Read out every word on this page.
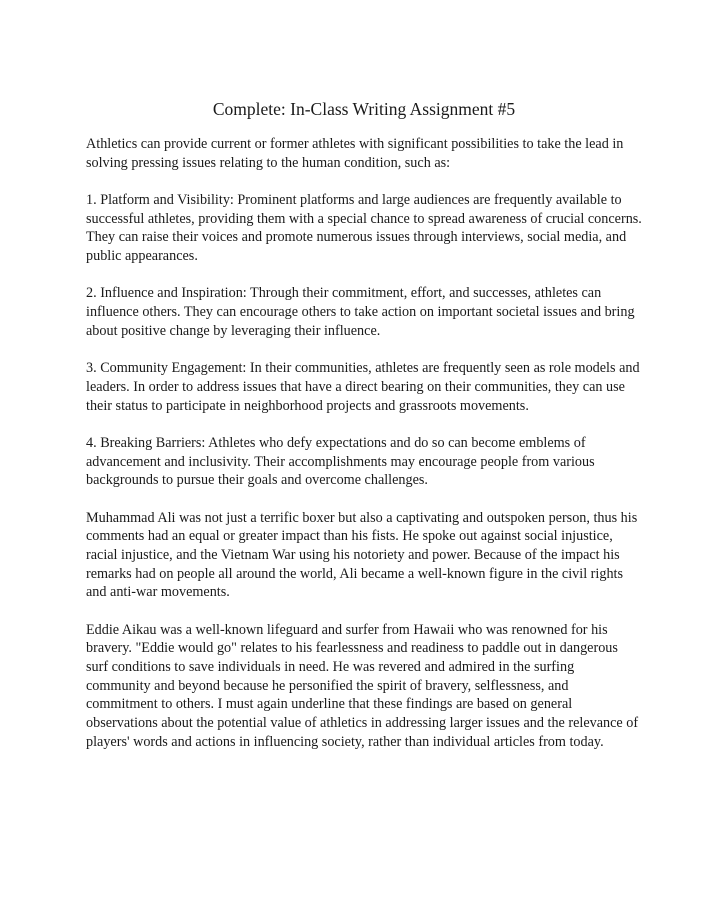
Complete: In-Class Writing Assignment #5

Athletics can provide current or former athletes with significant possibilities to take the lead in solving pressing issues relating to the human condition, such as:

1. Platform and Visibility: Prominent platforms and large audiences are frequently available to successful athletes, providing them with a special chance to spread awareness of crucial concerns. They can raise their voices and promote numerous issues through interviews, social media, and public appearances.

2. Influence and Inspiration: Through their commitment, effort, and successes, athletes can influence others. They can encourage others to take action on important societal issues and bring about positive change by leveraging their influence.

3. Community Engagement: In their communities, athletes are frequently seen as role models and leaders. In order to address issues that have a direct bearing on their communities, they can use their status to participate in neighborhood projects and grassroots movements.

4. Breaking Barriers: Athletes who defy expectations and do so can become emblems of advancement and inclusivity. Their accomplishments may encourage people from various backgrounds to pursue their goals and overcome challenges.

Muhammad Ali was not just a terrific boxer but also a captivating and outspoken person, thus his comments had an equal or greater impact than his fists. He spoke out against social injustice, racial injustice, and the Vietnam War using his notoriety and power. Because of the impact his remarks had on people all around the world, Ali became a well-known figure in the civil rights and anti-war movements.

Eddie Aikau was a well-known lifeguard and surfer from Hawaii who was renowned for his bravery. "Eddie would go" relates to his fearlessness and readiness to paddle out in dangerous surf conditions to save individuals in need. He was revered and admired in the surfing community and beyond because he personified the spirit of bravery, selflessness, and commitment to others. I must again underline that these findings are based on general observations about the potential value of athletics in addressing larger issues and the relevance of players' words and actions in influencing society, rather than individual articles from today.
